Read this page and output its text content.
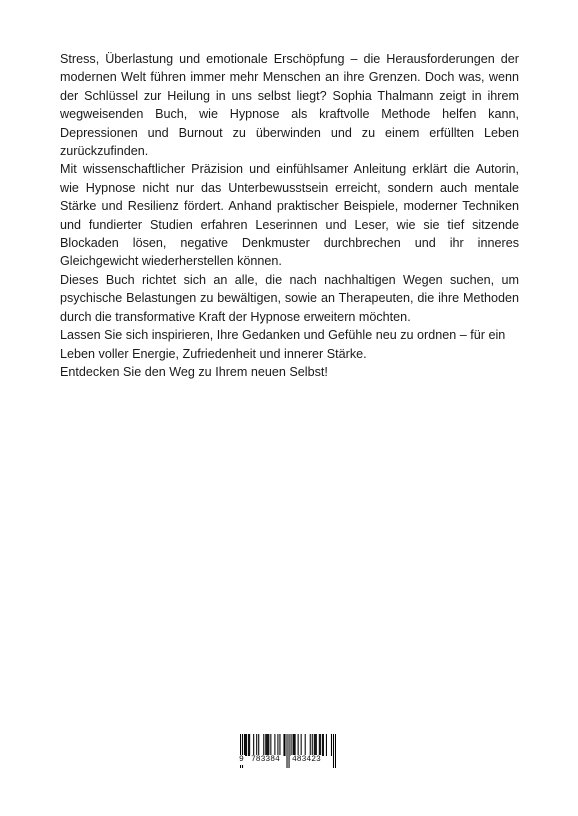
Stress, Überlastung und emotionale Erschöpfung – die Herausforderungen der modernen Welt führen immer mehr Menschen an ihre Grenzen. Doch was, wenn der Schlüssel zur Heilung in uns selbst liegt? Sophia Thalmann zeigt in ihrem wegweisenden Buch, wie Hypnose als kraftvolle Methode helfen kann, Depressionen und Burnout zu überwinden und zu einem erfüllten Leben zurückzufinden.

Mit wissenschaftlicher Präzision und einfühlsamer Anleitung erklärt die Autorin, wie Hypnose nicht nur das Unterbewusstsein erreicht, sondern auch mentale Stärke und Resilienz fördert. Anhand praktischer Beispiele, moderner Techniken und fundierter Studien erfahren Leserinnen und Leser, wie sie tief sitzende Blockaden lösen, negative Denkmuster durchbrechen und ihr inneres Gleichgewicht wiederherstellen können.

Dieses Buch richtet sich an alle, die nach nachhaltigen Wegen suchen, um psychische Belastungen zu bewältigen, sowie an Therapeuten, die ihre Methoden durch die transformative Kraft der Hypnose erweitern möchten.

Lassen Sie sich inspirieren, Ihre Gedanken und Gefühle neu zu ordnen – für ein Leben voller Energie, Zufriedenheit und innerer Stärke.

Entdecken Sie den Weg zu Ihrem neuen Selbst!

9 783384 483423
